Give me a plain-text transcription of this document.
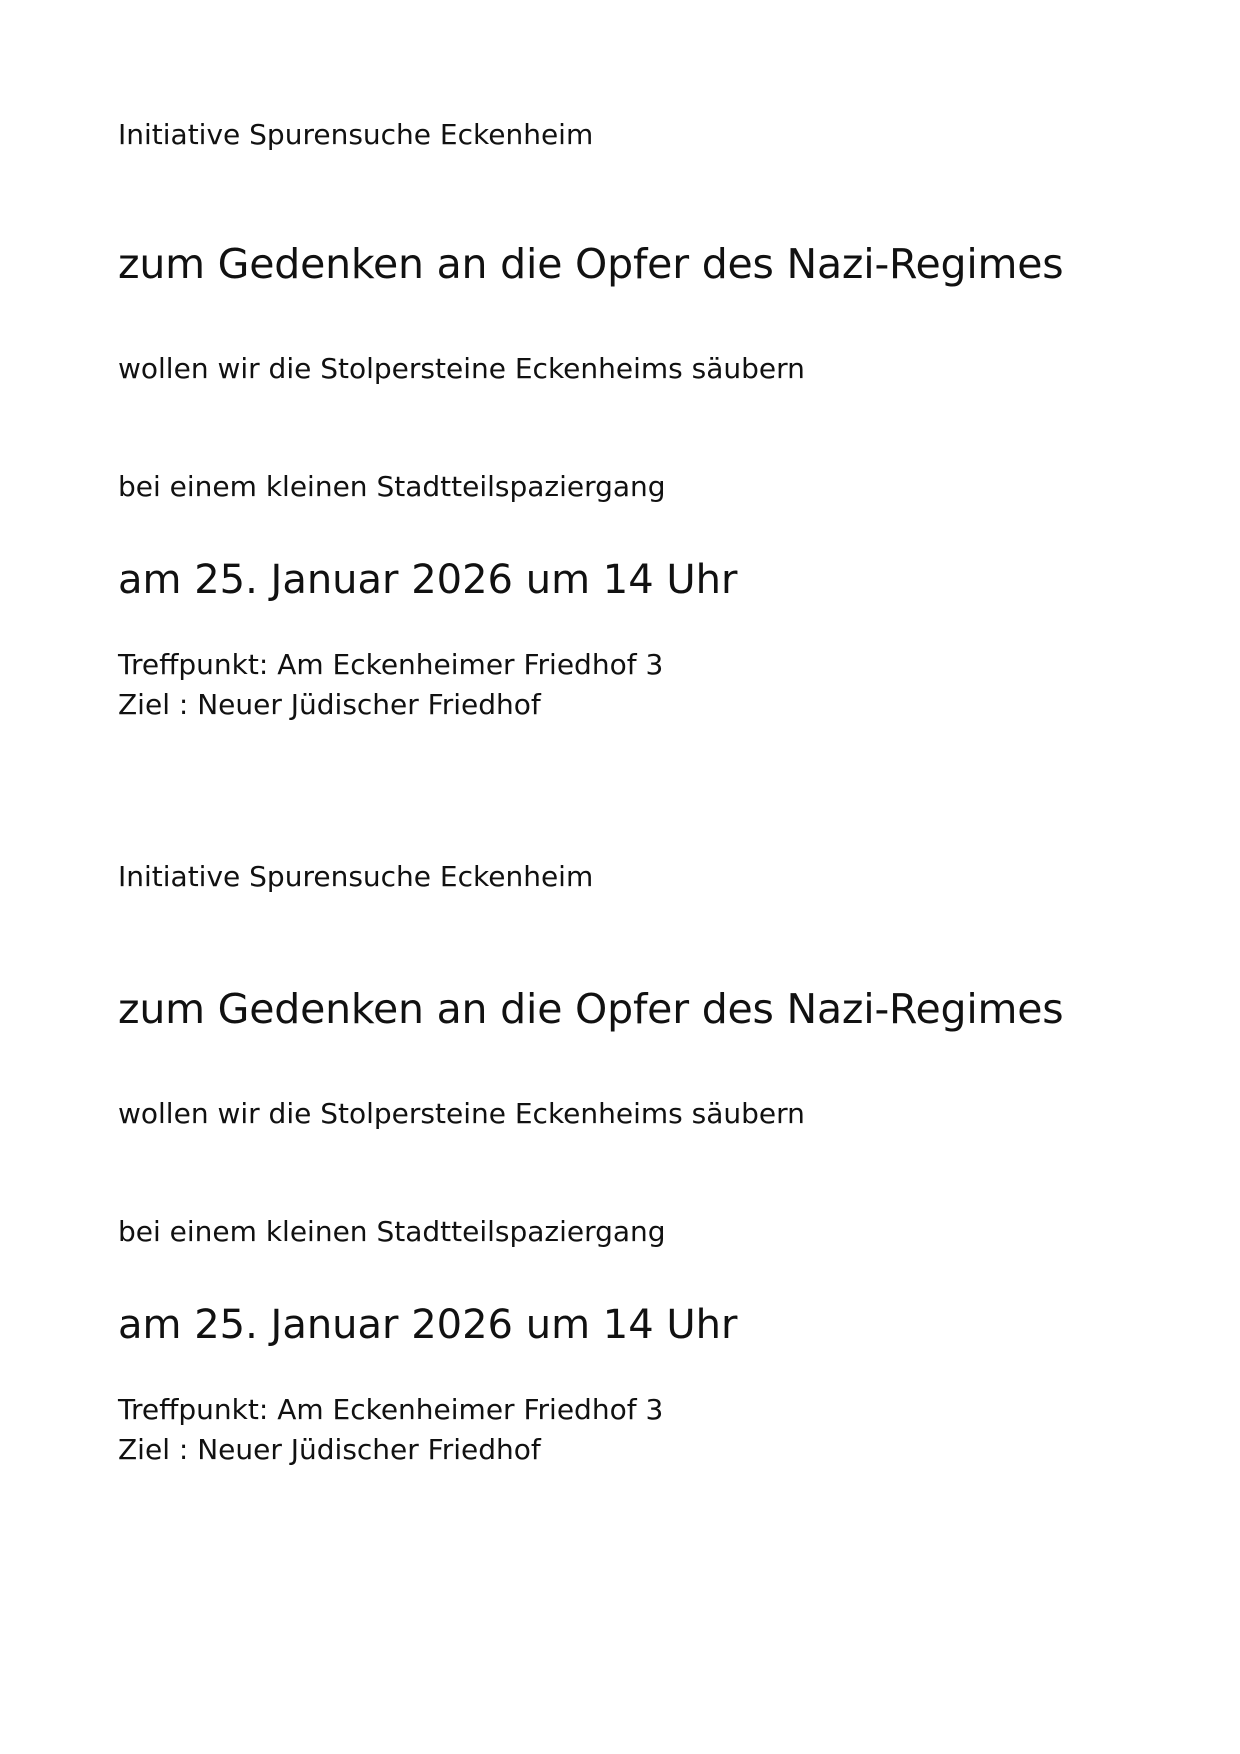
Initiative Spurensuche Eckenheim

zum Gedenken an die Opfer des Nazi-Regimes

wollen wir die Stolpersteine Eckenheims säubern

bei einem kleinen Stadtteilspaziergang

am 25. Januar 2026 um 14 Uhr
Treffpunkt: Am Eckenheimer Friedhof 3
Ziel : Neuer Jüdischer Friedhof

Initiative Spurensuche Eckenheim

zum Gedenken an die Opfer des Nazi-Regimes

wollen wir die Stolpersteine Eckenheims säubern

bei einem kleinen Stadtteilspaziergang

am 25. Januar 2026 um 14 Uhr
Treffpunkt: Am Eckenheimer Friedhof 3
Ziel : Neuer Jüdischer Friedhof
